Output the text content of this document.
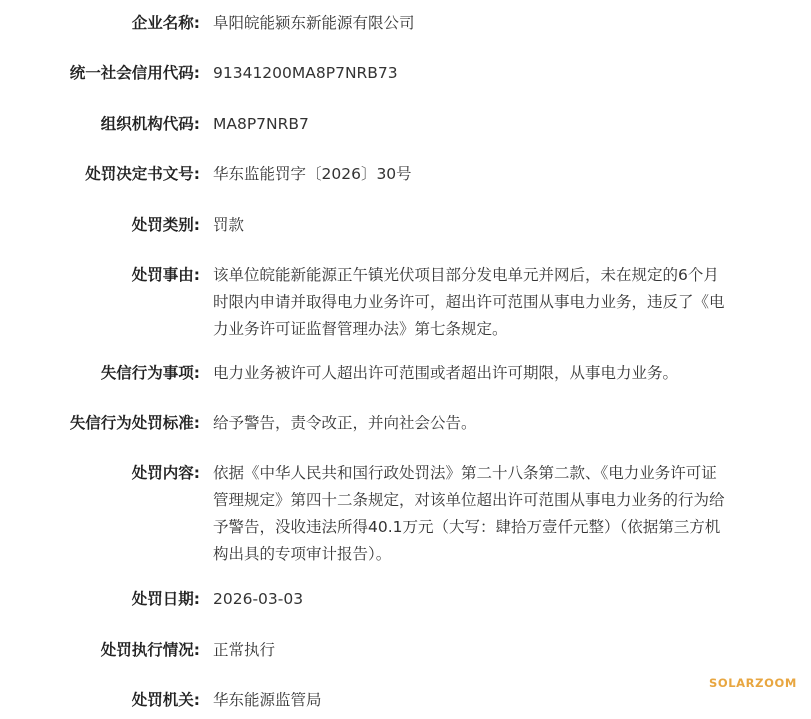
企业名称: 阜阳皖能颍东新能源有限公司
统一社会信用代码: 91341200MA8P7NRB73
组织机构代码: MA8P7NRB7
处罚决定书文号: 华东监能罚字〔2026〕30号
处罚类别: 罚款
处罚事由: 该单位皖能新能源正午镇光伏项目部分发电单元并网后，未在规定的6个月

时限内申请并取得电力业务许可，超出许可范围从事电力业务，违反了《电

力业务许可证监督管理办法》第七条规定。

失信行为事项: 电力业务被许可人超出许可范围或者超出许可期限，从事电力业务。
失信行为处罚标准: 给予警告，责令改正，并向社会公告。
处罚内容: 依据《中华人民共和国行政处罚法》第二十八条第二款、《电力业务许可证

管理规定》第四十二条规定，对该单位超出许可范围从事电力业务的行为给

予警告，没收违法所得40.1万元（大写：肆拾万壹仟元整）（依据第三方机

构出具的专项审计报告）。

处罚日期: 2026-03-03
处罚执行情况: 正常执行
处罚机关: 华东能源监管局
SOLARZOOM
